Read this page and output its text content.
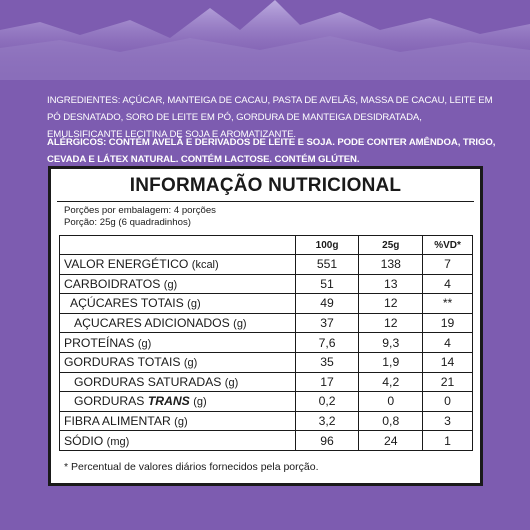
INGREDIENTES: AÇÚCAR, MANTEIGA DE CACAU, PASTA DE AVELÃS, MASSA DE CACAU, LEITE EM PÓ DESNATADO, SORO DE LEITE EM PÓ, GORDURA DE MANTEIGA DESIDRATADA, EMULSIFICANTE LECITINA DE SOJA E AROMATIZANTE.
ALÉRGICOS: CONTÉM AVELÃ E DERIVADOS DE LEITE E SOJA. PODE CONTER AMÊNDOA, TRIGO, CEVADA E LÁTEX NATURAL. CONTÉM LACTOSE. CONTÉM GLÚTEN.
INFORMAÇÃO NUTRICIONAL
Porções por embalagem: 4 porções
Porção: 25g (6 quadradinhos)
	100g	25g	%VD*
VALOR ENERGÉTICO (kcal)	551	138	7
CARBOIDRATOS (g)	51	13	4
AÇÚCARES TOTAIS (g)	49	12	**
AÇUCARES ADICIONADOS (g)	37	12	19
PROTEÍNAS (g)	7,6	9,3	4
GORDURAS TOTAIS (g)	35	1,9	14
GORDURAS SATURADAS (g)	17	4,2	21
GORDURAS TRANS (g)	0,2	0	0
FIBRA ALIMENTAR (g)	3,2	0,8	3
SÓDIO (mg)	96	24	1
* Percentual de valores diários fornecidos pela porção.
